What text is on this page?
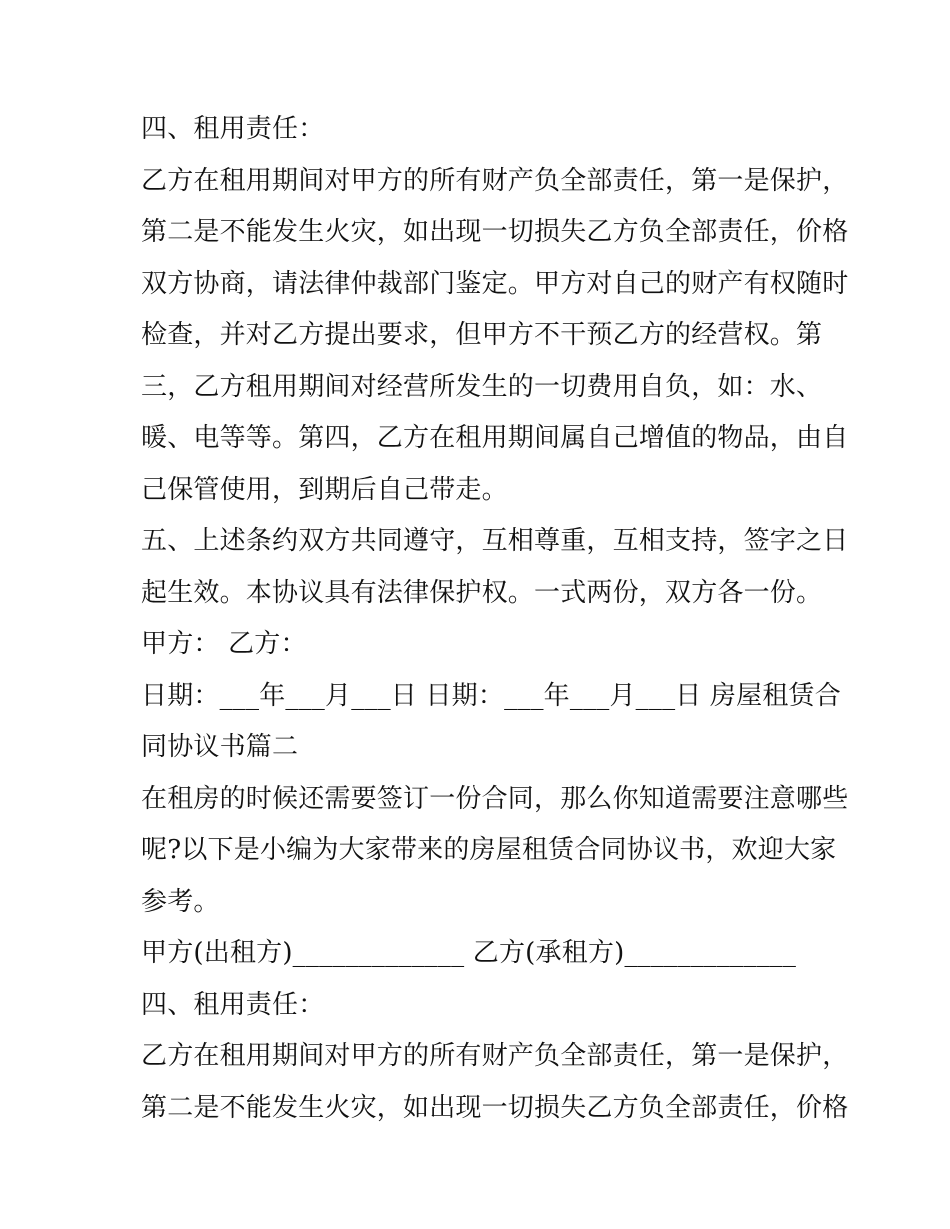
四、租用责任：
乙方在租用期间对甲方的所有财产负全部责任，第一是保护，
第二是不能发生火灾，如出现一切损失乙方负全部责任，价格
双方协商，请法律仲裁部门鉴定。甲方对自己的财产有权随时
检查，并对乙方提出要求，但甲方不干预乙方的经营权。第
三，乙方租用期间对经营所发生的一切费用自负，如：水、
暖、电等等。第四，乙方在租用期间属自己增值的物品，由自
己保管使用，到期后自己带走。
五、上述条约双方共同遵守，互相尊重，互相支持，签字之日
起生效。本协议具有法律保护权。一式两份，双方各一份。
甲方： 乙方：
日期：___年___月___日 日期：___年___月___日 房屋租赁合
同协议书篇二
在租房的时候还需要签订一份合同，那么你知道需要注意哪些
呢?以下是小编为大家带来的房屋租赁合同协议书，欢迎大家
参考。
甲方(出租方)_____________ 乙方(承租方)_____________
四、租用责任：
乙方在租用期间对甲方的所有财产负全部责任，第一是保护，
第二是不能发生火灾，如出现一切损失乙方负全部责任，价格
